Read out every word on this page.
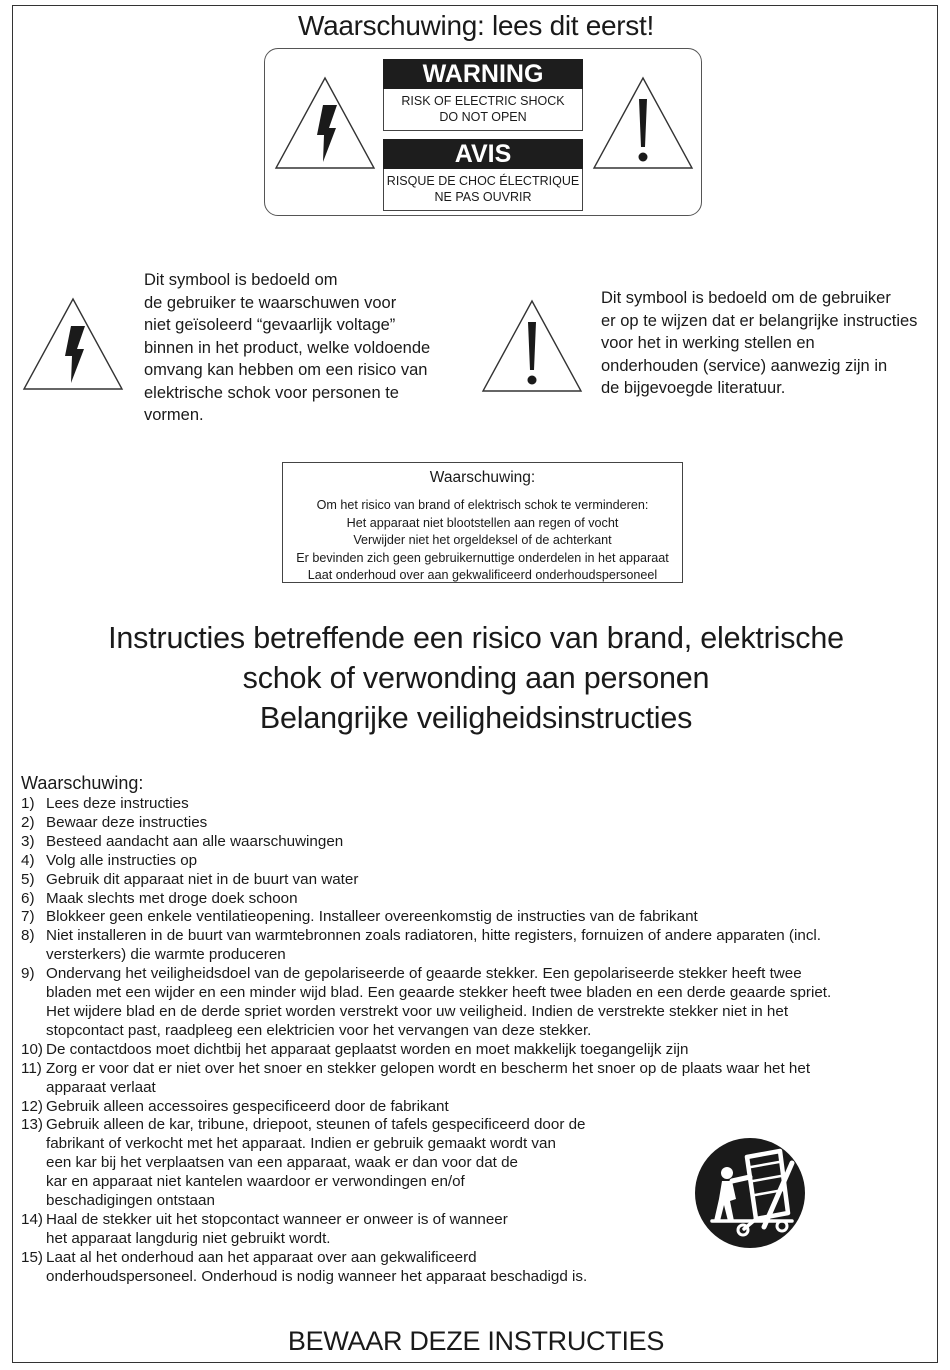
Waarschuwing: lees dit eerst!
WARNING
RISK OF ELECTRIC SHOCK
DO NOT OPEN
AVIS
RISQUE DE CHOC ÉLECTRIQUE
NE PAS OUVRIR
Dit symbool is bedoeld om
de gebruiker te waarschuwen voor
niet geïsoleerd “gevaarlijk voltage”
binnen in het product, welke voldoende
omvang kan hebben om een risico van
elektrische schok voor personen te
vormen.
Dit symbool is bedoeld om de gebruiker
er op te wijzen dat er belangrijke instructies
voor het in werking stellen en
onderhouden (service) aanwezig zijn in
de bijgevoegde literatuur.
Waarschuwing:
Om het risico van brand of elektrisch schok te verminderen:
Het apparaat niet blootstellen aan regen of vocht
Verwijder niet het orgeldeksel of de achterkant
Er bevinden zich geen gebruikernuttige onderdelen in het apparaat
Laat onderhoud over aan gekwalificeerd onderhoudspersoneel
Instructies betreffende een risico van brand, elektrische
schok of verwonding aan personen
Belangrijke veiligheidsinstructies
Waarschuwing:
1) Lees deze instructies
2) Bewaar deze instructies
3) Besteed aandacht aan alle waarschuwingen
4) Volg alle instructies op
5) Gebruik dit apparaat niet in de buurt van water
6) Maak slechts met droge doek schoon
7) Blokkeer geen enkele ventilatieopening. Installeer overeenkomstig de instructies van de fabrikant
8) Niet installeren in de buurt van warmtebronnen zoals radiatoren, hitte registers, fornuizen of andere apparaten (incl.
versterkers) die warmte produceren
9) Ondervang het veiligheidsdoel van de gepolariseerde of geaarde stekker. Een gepolariseerde stekker heeft twee
bladen met een wijder en een minder wijd blad. Een geaarde stekker heeft twee bladen en een derde geaarde spriet.
Het wijdere blad en de derde spriet worden verstrekt voor uw veiligheid. Indien de verstrekte stekker niet in het
stopcontact past, raadpleeg een elektricien voor het vervangen van deze stekker.
10) De contactdoos moet dichtbij het apparaat geplaatst worden en moet makkelijk toegangelijk zijn
11) Zorg er voor dat er niet over het snoer en stekker gelopen wordt en bescherm het snoer op de plaats waar het het
apparaat verlaat
12) Gebruik alleen accessoires gespecificeerd door de fabrikant
13) Gebruik alleen de kar, tribune, driepoot, steunen of tafels gespecificeerd door de
fabrikant of verkocht met het apparaat. Indien er gebruik gemaakt wordt van
een kar bij het verplaatsen van een apparaat, waak er dan voor dat de
kar en apparaat niet kantelen waardoor er verwondingen en/of
beschadigingen ontstaan
14) Haal de stekker uit het stopcontact wanneer er onweer is of wanneer
het apparaat langdurig niet gebruikt wordt.
15) Laat al het onderhoud aan het apparaat over aan gekwalificeerd
onderhoudspersoneel. Onderhoud is nodig wanneer het apparaat beschadigd is.
BEWAAR DEZE INSTRUCTIES
